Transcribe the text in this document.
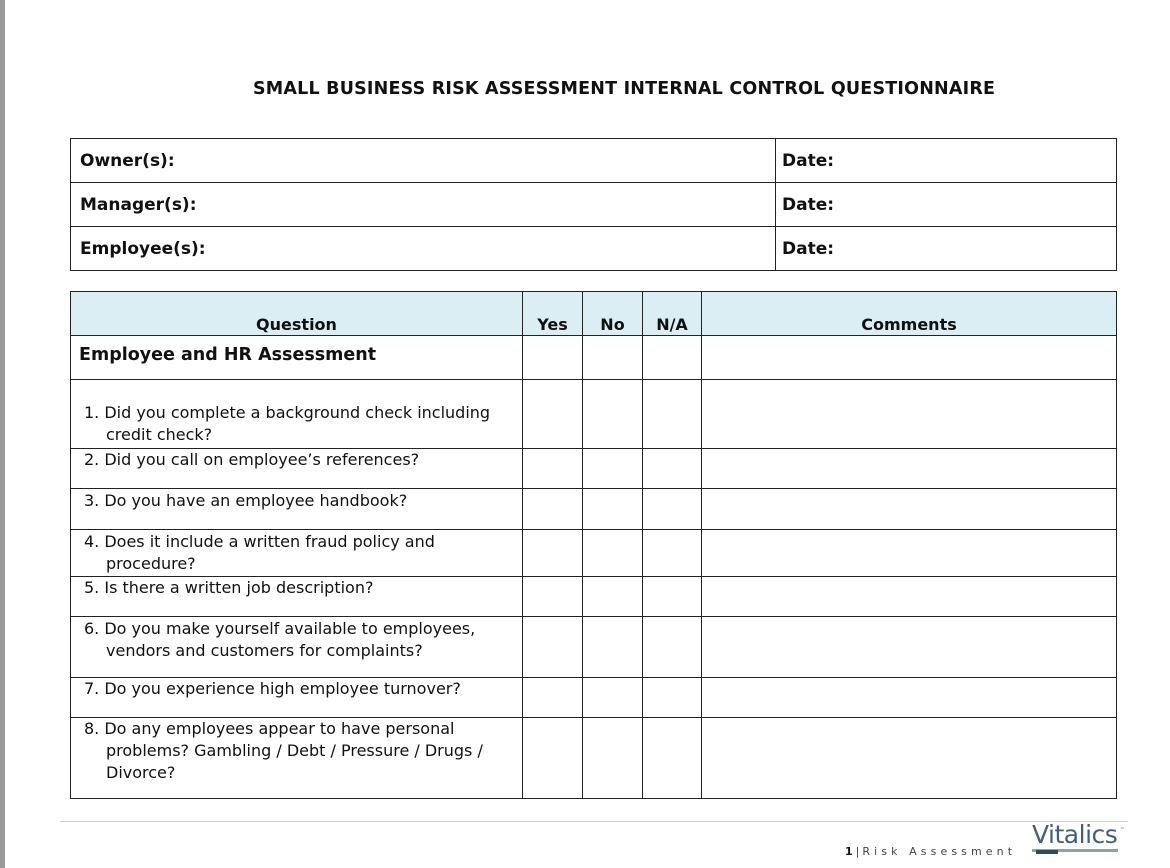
SMALL BUSINESS RISK ASSESSMENT INTERNAL CONTROL QUESTIONNAIRE
Owner(s):	Date:
Manager(s):	Date:
Employee(s):	Date:
Question	Yes	No	N/A	Comments
Employee and HR Assessment				

1. Did you complete a background check including credit check?				

2. Did you call on employee’s references?				

3. Do you have an employee handbook?				

4. Does it include a written fraud policy and procedure?				

5. Is there a written job description?				

6. Do you make yourself available to employees, vendors and customers for complaints?				

7. Do you experience high employee turnover?				

8. Do any employees appear to have personal problems? Gambling / Debt / Pressure / Drugs / Divorce?				

1 | Risk Assessment
Vitalics ™
